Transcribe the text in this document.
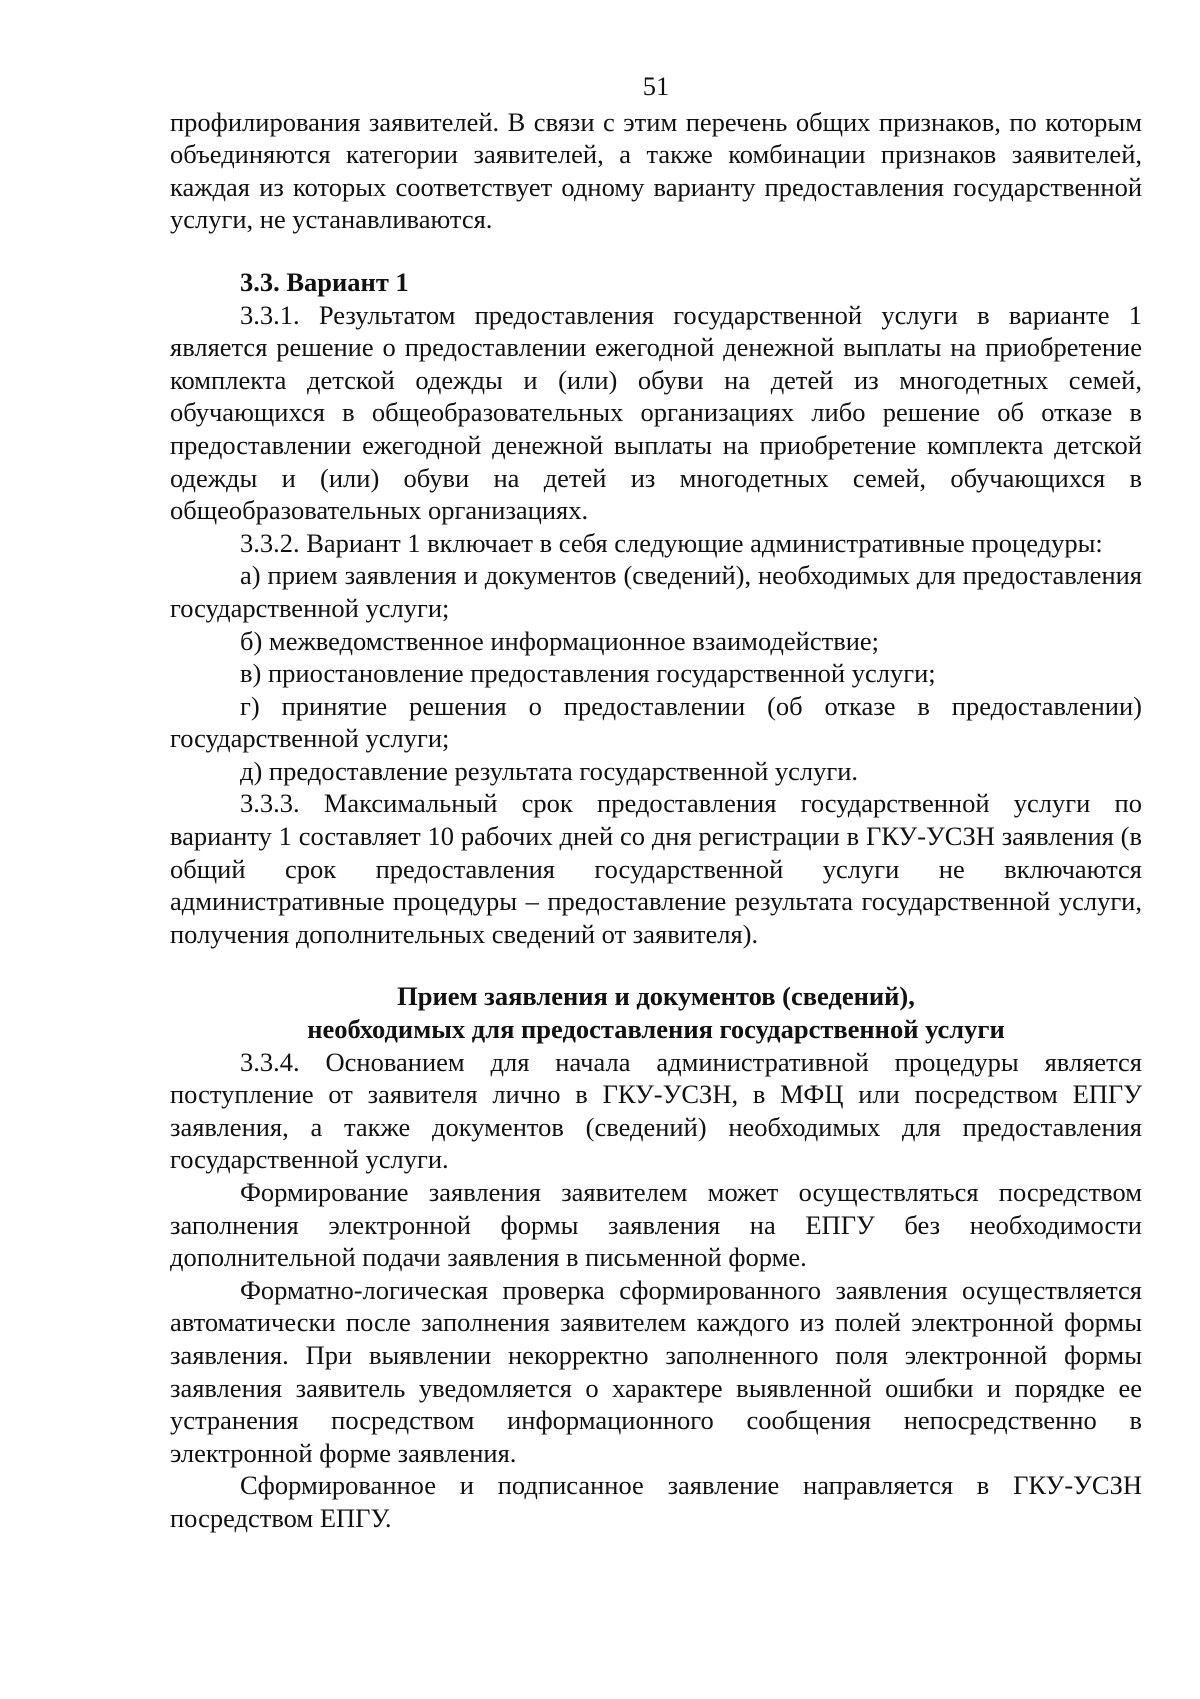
51

профилирования заявителей. В связи с этим перечень общих признаков, по которым объединяются категории заявителей, а также комбинации признаков заявителей, каждая из которых соответствует одному варианту предоставления государственной услуги, не устанавливаются.

3.3. Вариант 1

3.3.1. Результатом предоставления государственной услуги в варианте 1 является решение о предоставлении ежегодной денежной выплаты на приобретение комплекта детской одежды и (или) обуви на детей из многодетных семей, обучающихся в общеобразовательных организациях либо решение об отказе в предоставлении ежегодной денежной выплаты на приобретение комплекта детской одежды и (или) обуви на детей из многодетных семей, обучающихся в общеобразовательных организациях.

3.3.2. Вариант 1 включает в себя следующие административные процедуры:

а) прием заявления и документов (сведений), необходимых для предоставления государственной услуги;

б) межведомственное информационное взаимодействие;

в) приостановление предоставления государственной услуги;

г) принятие решения о предоставлении (об отказе в предоставлении) государственной услуги;

д) предоставление результата государственной услуги.

3.3.3. Максимальный срок предоставления государственной услуги по варианту 1 составляет 10 рабочих дней со дня регистрации в ГКУ-УСЗН заявления (в общий срок предоставления государственной услуги не включаются административные процедуры – предоставление результата государственной услуги, получения дополнительных сведений от заявителя).

Прием заявления и документов (сведений),
необходимых для предоставления государственной услуги

3.3.4. Основанием для начала административной процедуры является поступление от заявителя лично в ГКУ-УСЗН, в МФЦ или посредством ЕПГУ заявления, а также документов (сведений) необходимых для предоставления государственной услуги.

Формирование заявления заявителем может осуществляться посредством заполнения электронной формы заявления на ЕПГУ без необходимости дополнительной подачи заявления в письменной форме.

Форматно-логическая проверка сформированного заявления осуществляется автоматически после заполнения заявителем каждого из полей электронной формы заявления. При выявлении некорректно заполненного поля электронной формы заявления заявитель уведомляется о характере выявленной ошибки и порядке ее устранения посредством информационного сообщения непосредственно в электронной форме заявления.

Сформированное и подписанное заявление направляется в ГКУ-УСЗН посредством ЕПГУ.
